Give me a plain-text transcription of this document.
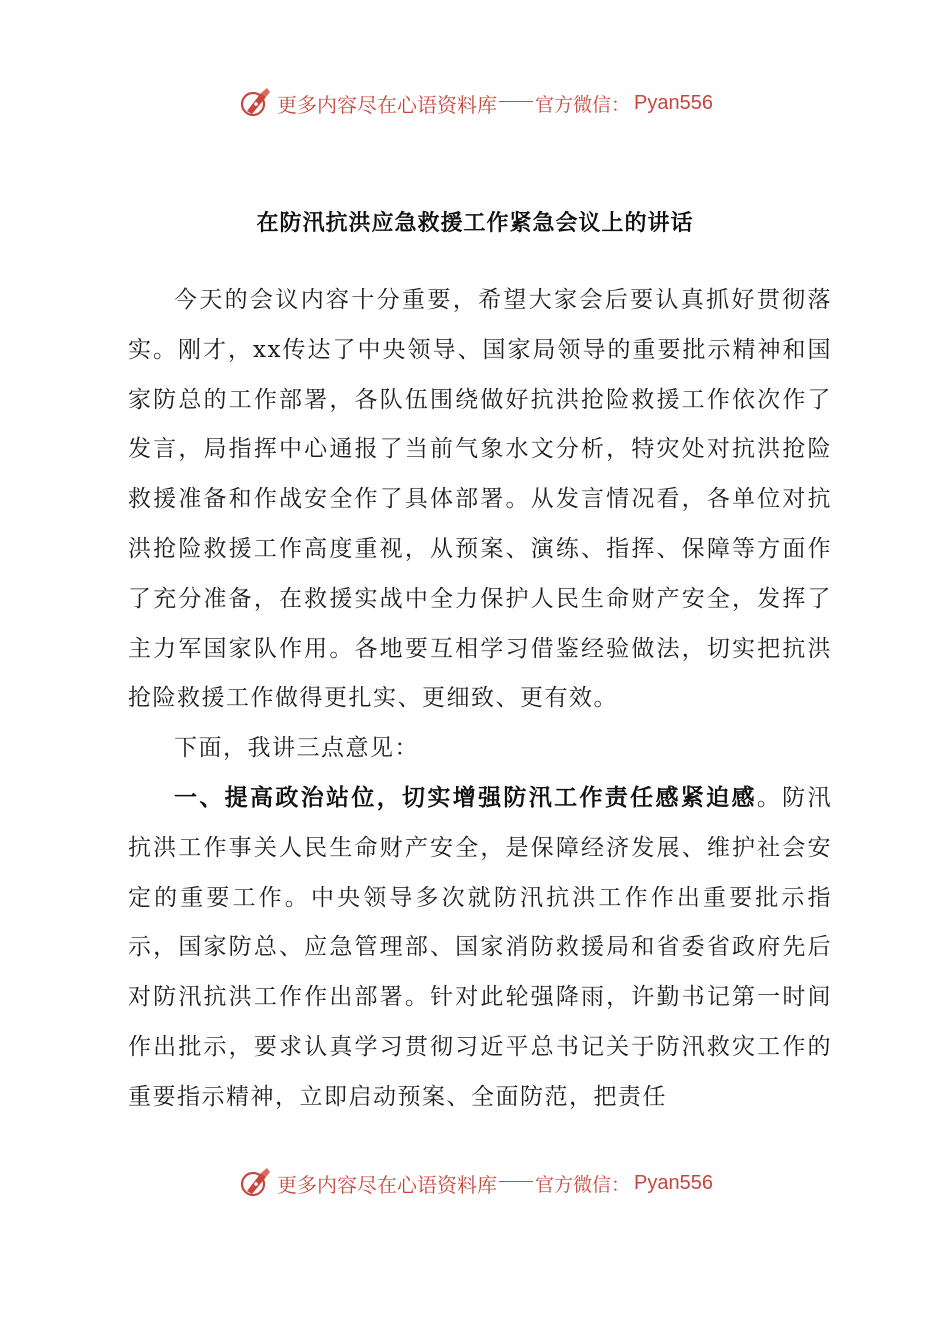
更多内容尽在心语资料库 官方微信： Pyan556
在防汛抗洪应急救援工作紧急会议上的讲话

今天的会议内容十分重要，希望大家会后要认真抓好贯彻落实。刚才，xx传达了中央领导、国家局领导的重要批示精神和国家防总的工作部署，各队伍围绕做好抗洪抢险救援工作依次作了发言，局指挥中心通报了当前气象水文分析，特灾处对抗洪抢险救援准备和作战安全作了具体部署。从发言情况看，各单位对抗洪抢险救援工作高度重视，从预案、演练、指挥、保障等方面作了充分准备，在救援实战中全力保护人民生命财产安全，发挥了主力军国家队作用。各地要互相学习借鉴经验做法，切实把抗洪抢险救援工作做得更扎实、更细致、更有效。

下面，我讲三点意见：

一、提高政治站位，切实增强防汛工作责任感紧迫感。防汛抗洪工作事关人民生命财产安全，是保障经济发展、维护社会安定的重要工作。中央领导多次就防汛抗洪工作作出重要批示指示，国家防总、应急管理部、国家消防救援局和省委省政府先后对防汛抗洪工作作出部署。针对此轮强降雨，许勤书记第一时间作出批示，要求认真学习贯彻习近平总书记关于防汛救灾工作的重要指示精神，立即启动预案、全面防范，把责任

更多内容尽在心语资料库 官方微信： Pyan556
